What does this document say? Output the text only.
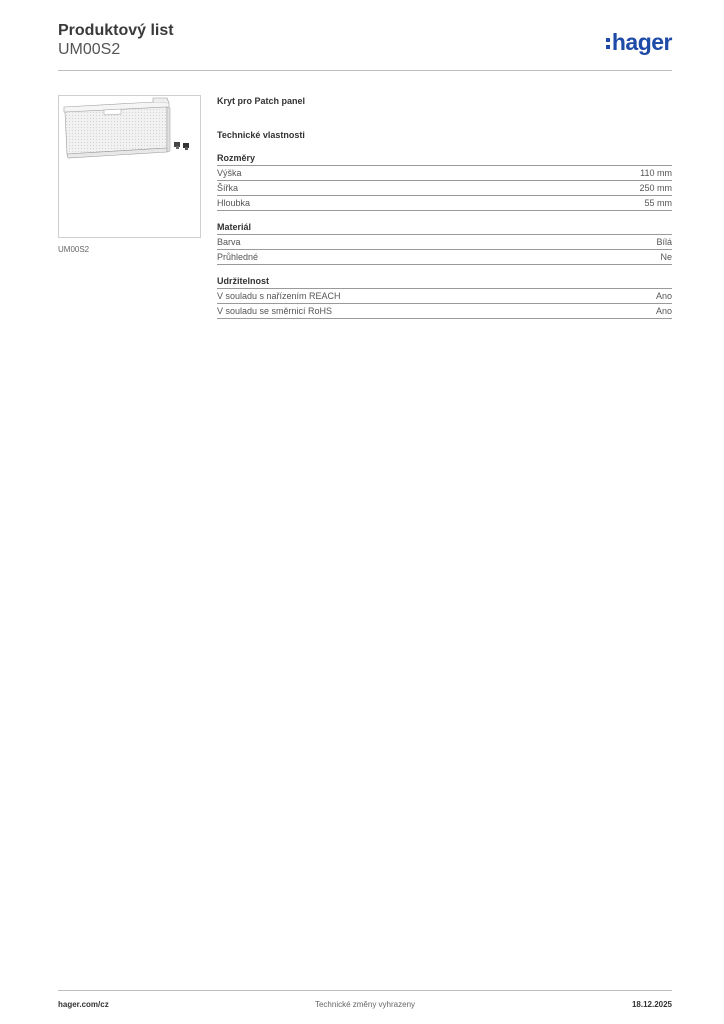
Produktový list
UM00S2	hager
UM00S2
Kryt pro Patch panel
Technické vlastnosti
Rozměry
Výška	110 mm
Šířka	250 mm
Hloubka	55 mm
Materiál
Barva	Bílá
Průhledné	Ne
Udržitelnost
V souladu s nařízením REACH	Ano
V souladu se směrnicí RoHS	Ano
hager.com/cz	Technické změny vyhrazeny	18.12.2025
